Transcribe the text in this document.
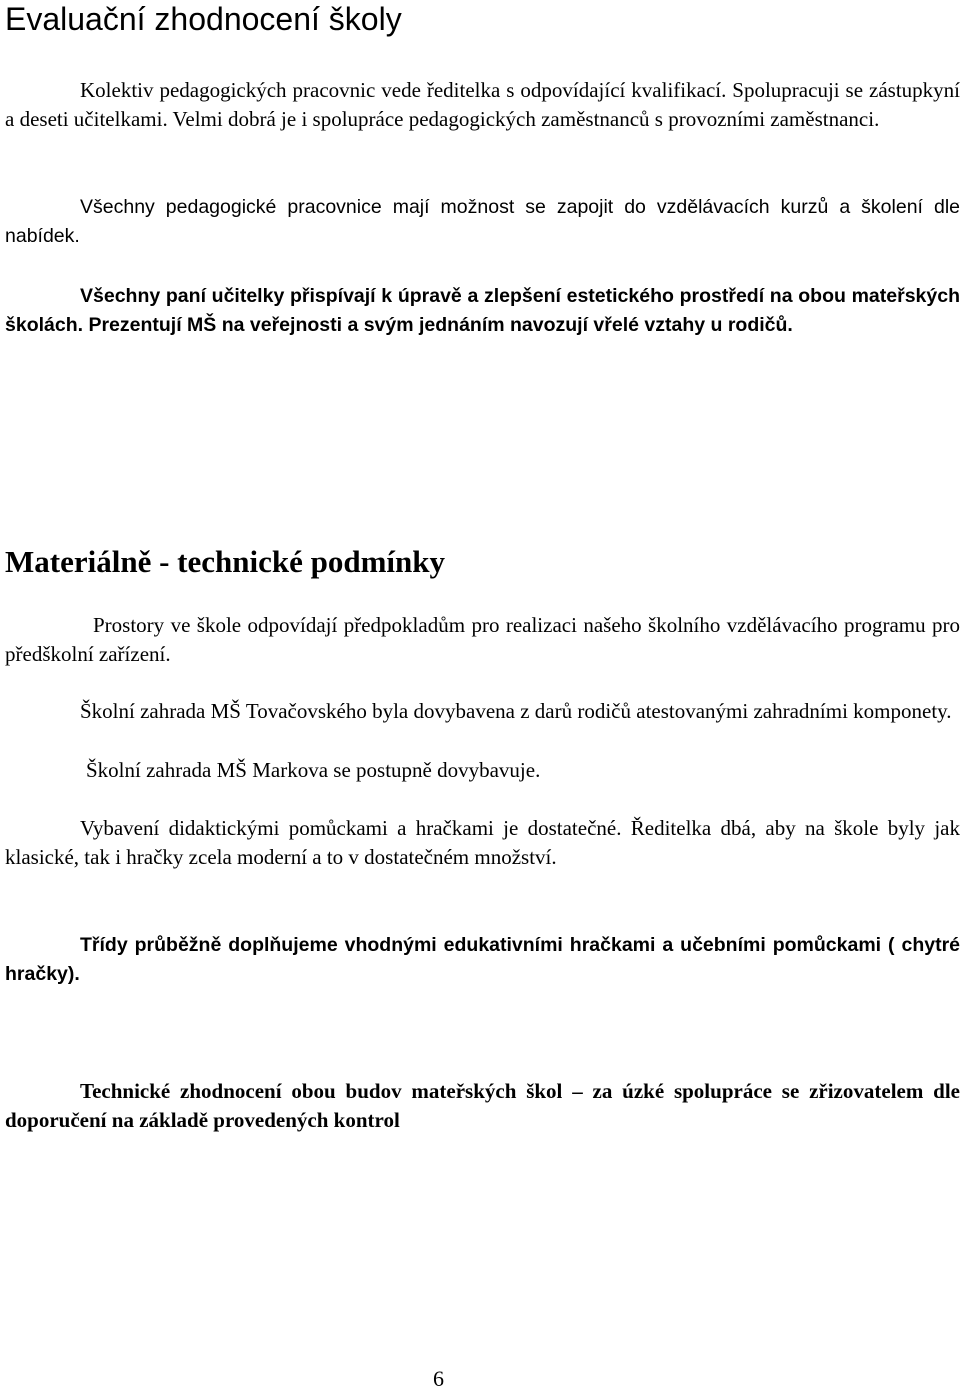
Evaluační zhodnocení školy

Kolektiv pedagogických pracovnic vede ředitelka s odpovídající kvalifikací. Spolupracuji se zástupkyní a deseti učitelkami. Velmi dobrá je i spolupráce pedagogických zaměstnanců s provozními zaměstnanci.

Všechny pedagogické pracovnice mají možnost se zapojit do vzdělávacích kurzů a školení dle nabídek.

Všechny paní učitelky přispívají k úpravě a zlepšení estetického prostředí na obou mateřských školách. Prezentují MŠ na veřejnosti a svým jednáním navozují vřelé vztahy u rodičů.

Materiálně - technické podmínky

Prostory ve škole odpovídají předpokladům pro realizaci našeho školního vzdělávacího programu pro předškolní zařízení.

Školní zahrada MŠ Tovačovského byla dovybavena z darů rodičů atestovanými zahradními komponety.

Školní zahrada MŠ Markova se postupně dovybavuje.

Vybavení didaktickými pomůckami a hračkami je dostatečné. Ředitelka dbá, aby na škole byly jak klasické, tak i hračky zcela moderní a to v dostatečném množství.

Třídy průběžně doplňujeme vhodnými edukativními hračkami a učebními pomůckami ( chytré hračky).

Technické zhodnocení obou budov mateřských škol – za úzké spolupráce se zřizovatelem dle doporučení na základě provedených kontrol

6
